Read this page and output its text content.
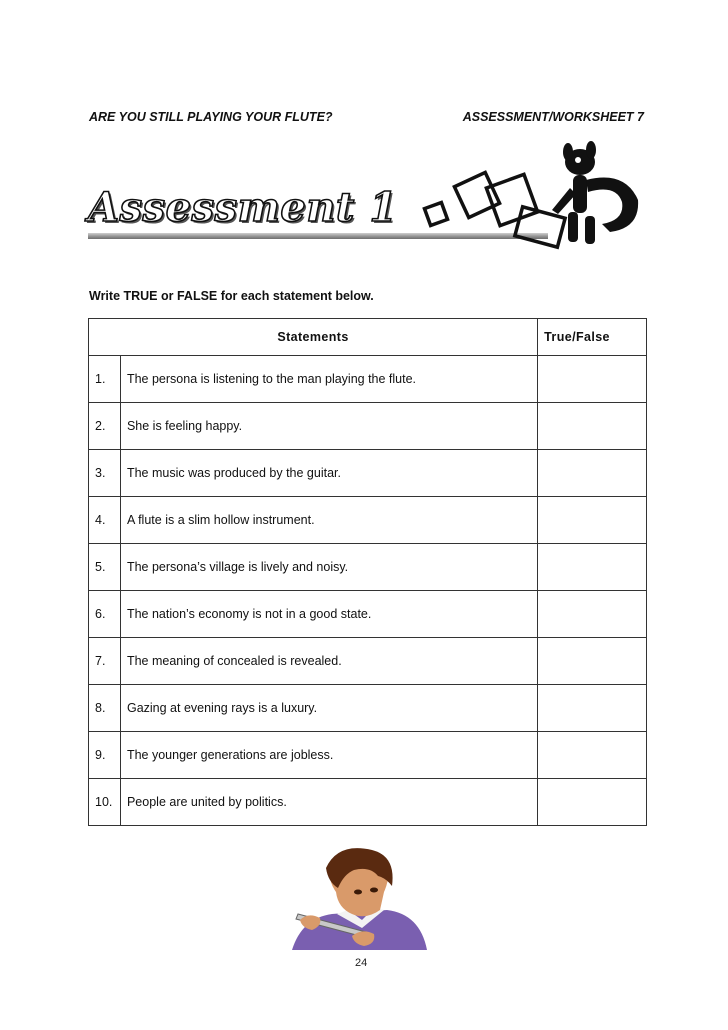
ARE YOU STILL PLAYING YOUR FLUTE?	ASSESSMENT/WORKSHEET 7
Assessment 1
Write TRUE or FALSE for each statement below.
Statements		True/False
1.	The persona is listening to the man playing the flute.	
2.	She is feeling happy.	
3.	The music was produced by the guitar.	
4.	A flute is a slim hollow instrument.	
5.	The persona’s village is lively and noisy.	
6.	The nation’s economy is not in a good state.	
7.	The meaning of concealed is revealed.	
8.	Gazing at evening rays is a luxury.	
9.	The younger generations are jobless.	
10.	People are united by politics.	
24
